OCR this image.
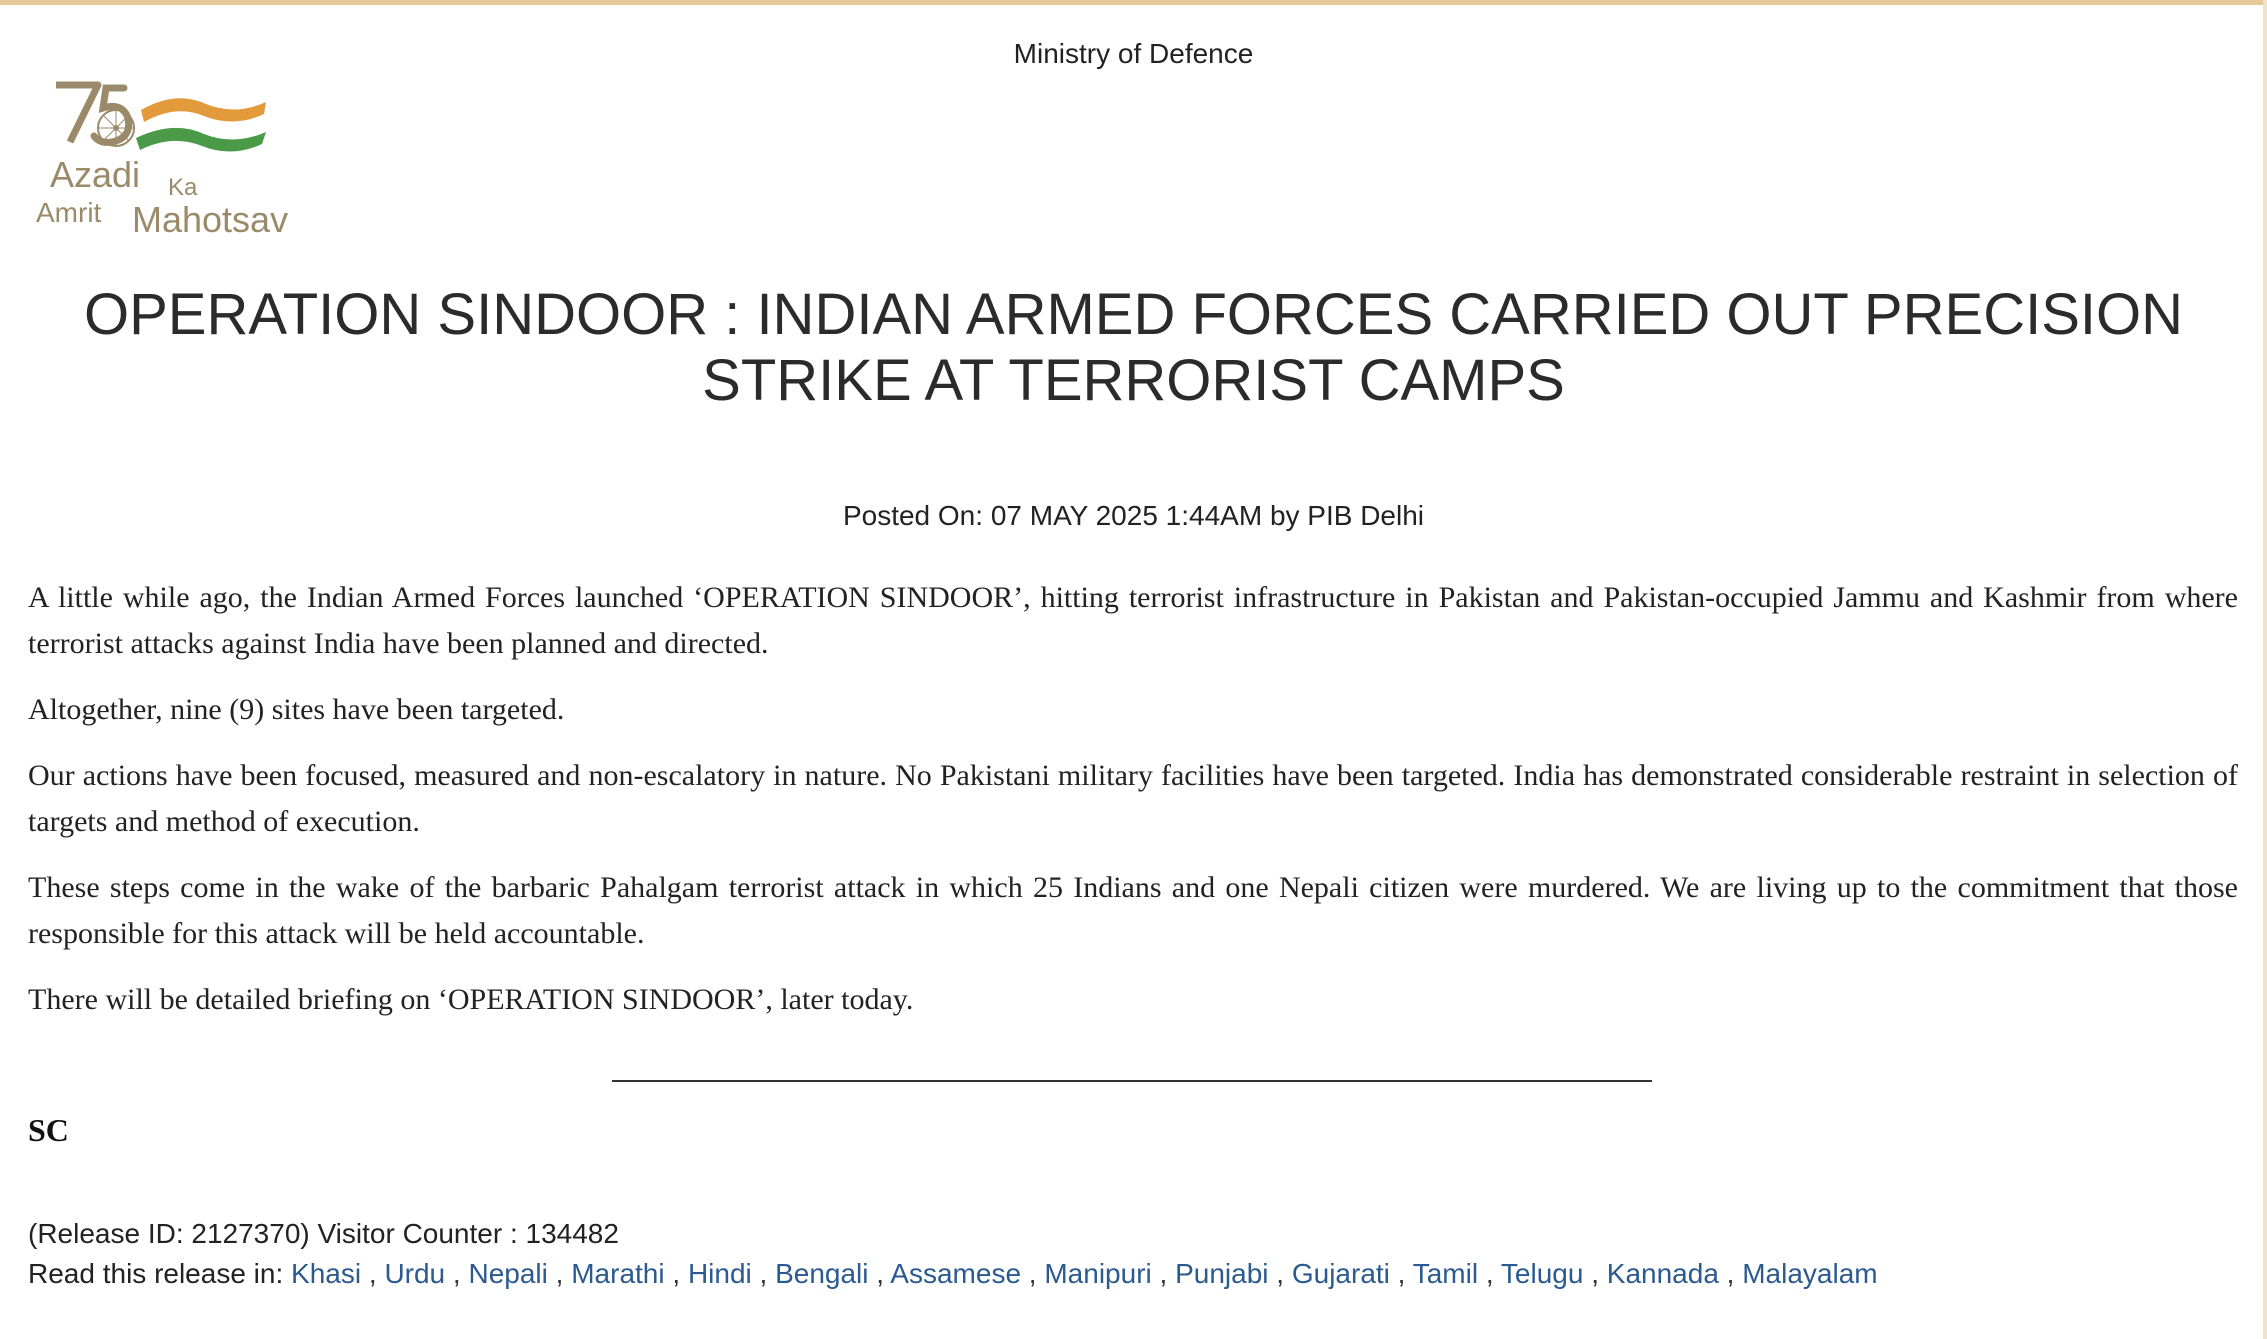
Ministry of Defence
Azadi Ka
Amrit Mahotsav
OPERATION SINDOOR : INDIAN ARMED FORCES CARRIED OUT PRECISION STRIKE AT TERRORIST CAMPS
Posted On: 07 MAY 2025 1:44AM by PIB Delhi

A little while ago, the Indian Armed Forces launched ‘OPERATION SINDOOR’, hitting terrorist infrastructure in Pakistan and Pakistan-occupied Jammu and Kashmir from where terrorist attacks against India have been planned and directed.

Altogether, nine (9) sites have been targeted.

Our actions have been focused, measured and non-escalatory in nature. No Pakistani military facilities have been targeted. India has demonstrated considerable restraint in selection of targets and method of execution.

These steps come in the wake of the barbaric Pahalgam terrorist attack in which 25 Indians and one Nepali citizen were murdered. We are living up to the commitment that those responsible for this attack will be held accountable.

There will be detailed briefing on ‘OPERATION SINDOOR’, later today.

SC
(Release ID: 2127370) Visitor Counter : 134482
Read this release in: Khasi , Urdu , Nepali , Marathi , Hindi , Bengali , Assamese , Manipuri , Punjabi , Gujarati , Tamil , Telugu , Kannada , Malayalam
